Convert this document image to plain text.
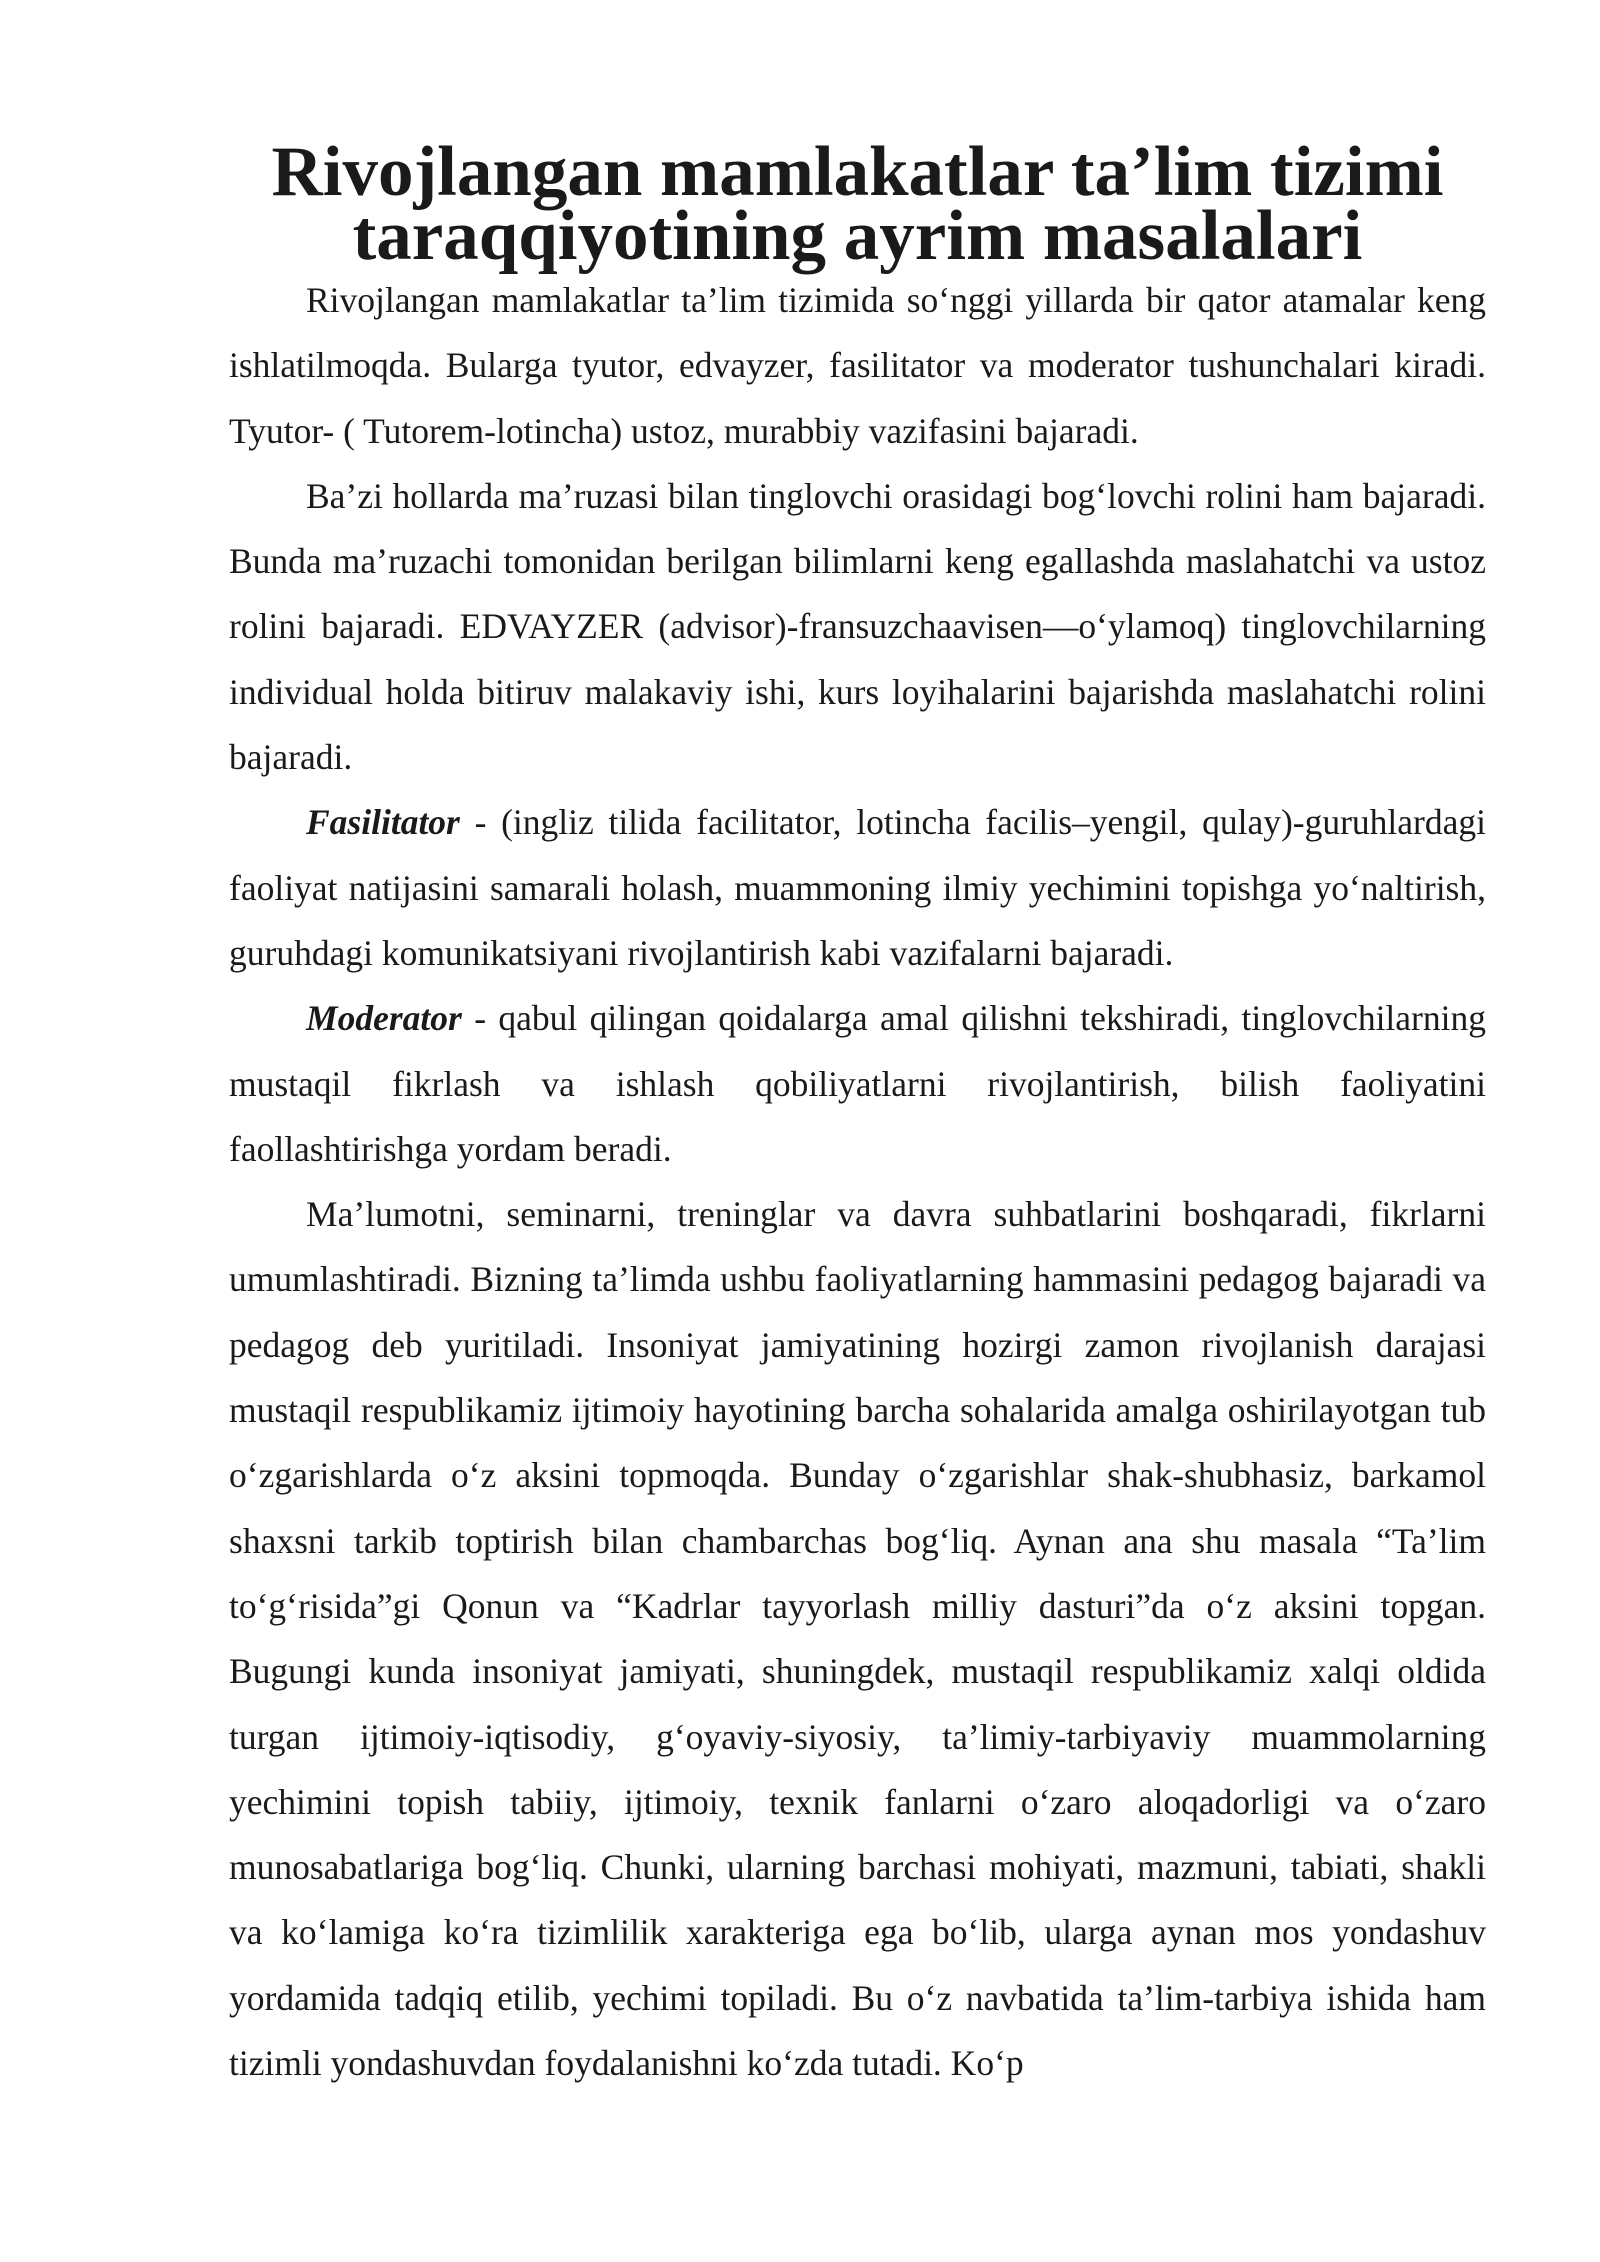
Rivojlangan mamlakatlar ta’lim tizimi taraqqiyotining ayrim masalalari

Rivojlangan mamlakatlar ta’lim tizimida so‘nggi yillarda bir qator atamalar keng ishlatilmoqda. Bularga tyutor, edvayzer, fasilitator va moderator tushunchalari kiradi. Tyutor- ( Tutorem-lotincha) ustoz, murabbiy vazifasini bajaradi.

Ba’zi hollarda ma’ruzasi bilan tinglovchi orasidagi bog‘lovchi rolini ham bajaradi. Bunda ma’ruzachi tomonidan berilgan bilimlarni keng egallashda maslahatchi va ustoz rolini bajaradi. EDVAYZER (advisor)-fransuzchaavisen—o‘ylamoq) tinglovchilarning individual holda bitiruv malakaviy ishi, kurs loyihalarini bajarishda maslahatchi rolini bajaradi.

Fasilitator - (ingliz tilida facilitator, lotincha facilis–yengil, qulay)-guruhlardagi faoliyat natijasini samarali holash, muammoning ilmiy yechimini topishga yo‘naltirish, guruhdagi komunikatsiyani rivojlantirish kabi vazifalarni bajaradi.

Moderator - qabul qilingan qoidalarga amal qilishni tekshiradi, tinglovchilarning mustaqil fikrlash va ishlash qobiliyatlarni rivojlantirish, bilish faoliyatini faollashtirishga yordam beradi.

Ma’lumotni, seminarni, treninglar va davra suhbatlarini boshqaradi, fikrlarni umumlashtiradi. Bizning ta’limda ushbu faoliyatlarning hammasini pedagog bajaradi va pedagog deb yuritiladi. Insoniyat jamiyatining hozirgi zamon rivojlanish darajasi mustaqil respublikamiz ijtimoiy hayotining barcha sohalarida amalga oshirilayotgan tub o‘zgarishlarda o‘z aksini topmoqda. Bunday o‘zgarishlar shak-shubhasiz, barkamol shaxsni tarkib toptirish bilan chambarchas bog‘liq. Aynan ana shu masala “Ta’lim to‘g‘risida”gi Qonun va “Kadrlar tayyorlash milliy dasturi”da o‘z aksini topgan. Bugungi kunda insoniyat jamiyati, shuningdek, mustaqil respublikamiz xalqi oldida turgan ijtimoiy-iqtisodiy, g‘oyaviy-siyosiy, ta’limiy-tarbiyaviy muammolarning yechimini topish tabiiy, ijtimoiy, texnik fanlarni o‘zaro aloqadorligi va o‘zaro munosabatlariga bog‘liq. Chunki, ularning barchasi mohiyati, mazmuni, tabiati, shakli va ko‘lamiga ko‘ra tizimlilik xarakteriga ega bo‘lib, ularga aynan mos yondashuv yordamida tadqiq etilib, yechimi topiladi. Bu o‘z navbatida ta’lim-tarbiya ishida ham tizimli yondashuvdan foydalanishni ko‘zda tutadi. Ko‘p
